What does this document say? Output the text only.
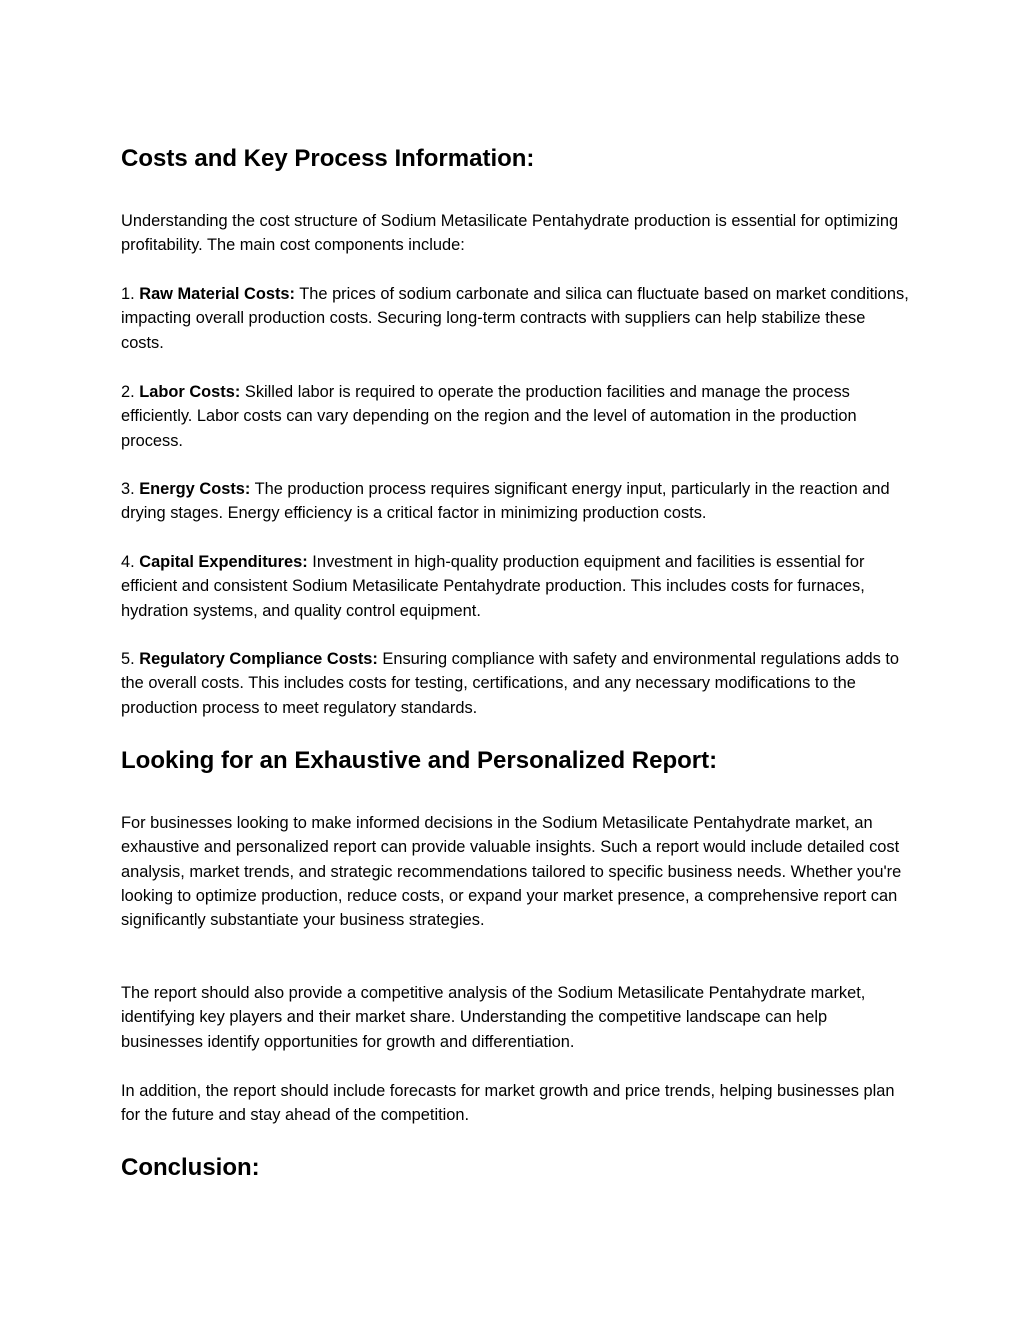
Costs and Key Process Information:

Understanding the cost structure of Sodium Metasilicate Pentahydrate production is essential for optimizing profitability. The main cost components include:

1. Raw Material Costs: The prices of sodium carbonate and silica can fluctuate based on market conditions, impacting overall production costs. Securing long-term contracts with suppliers can help stabilize these costs.

2. Labor Costs: Skilled labor is required to operate the production facilities and manage the process efficiently. Labor costs can vary depending on the region and the level of automation in the production process.

3. Energy Costs: The production process requires significant energy input, particularly in the reaction and drying stages. Energy efficiency is a critical factor in minimizing production costs.

4. Capital Expenditures: Investment in high-quality production equipment and facilities is essential for efficient and consistent Sodium Metasilicate Pentahydrate production. This includes costs for furnaces, hydration systems, and quality control equipment.

5. Regulatory Compliance Costs: Ensuring compliance with safety and environmental regulations adds to the overall costs. This includes costs for testing, certifications, and any necessary modifications to the production process to meet regulatory standards.

Looking for an Exhaustive and Personalized Report:

For businesses looking to make informed decisions in the Sodium Metasilicate Pentahydrate market, an exhaustive and personalized report can provide valuable insights. Such a report would include detailed cost analysis, market trends, and strategic recommendations tailored to specific business needs. Whether you're looking to optimize production, reduce costs, or expand your market presence, a comprehensive report can significantly substantiate your business strategies.

The report should also provide a competitive analysis of the Sodium Metasilicate Pentahydrate market, identifying key players and their market share. Understanding the competitive landscape can help businesses identify opportunities for growth and differentiation.

In addition, the report should include forecasts for market growth and price trends, helping businesses plan for the future and stay ahead of the competition.

Conclusion:
